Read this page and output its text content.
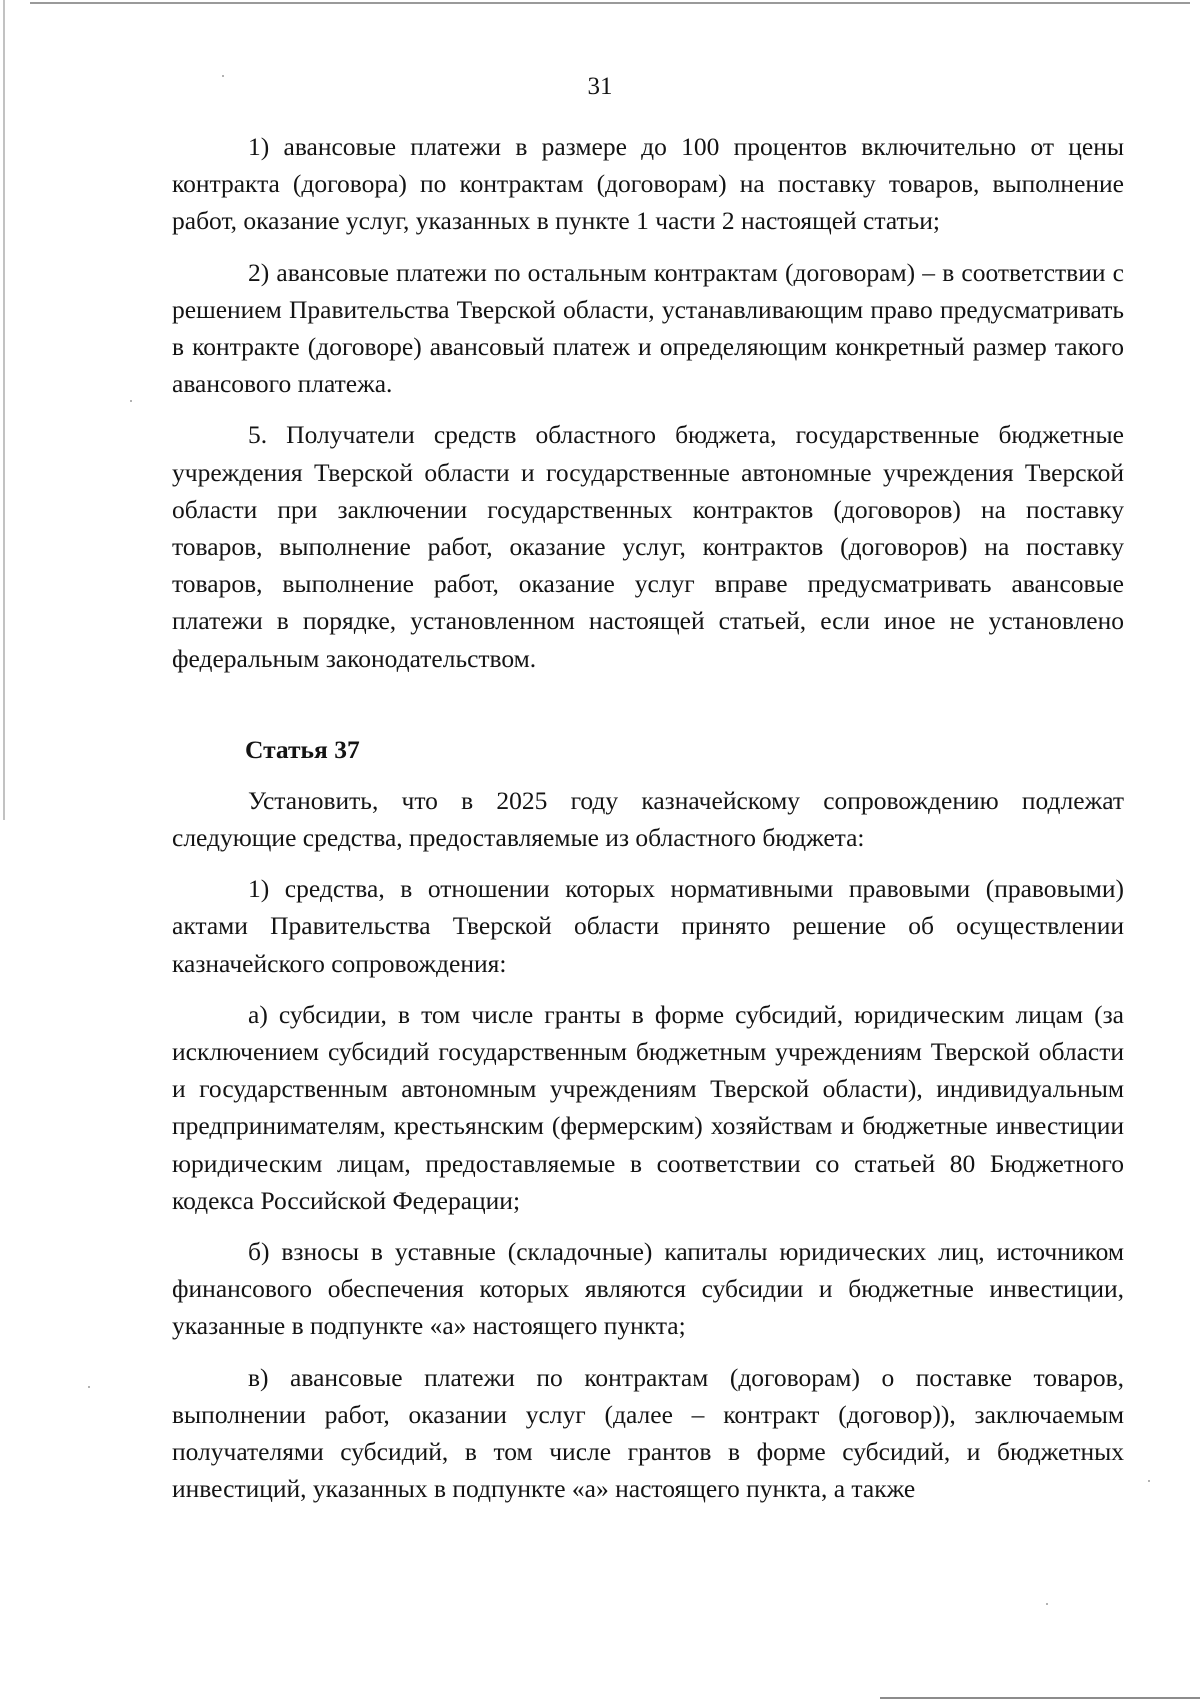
31

1) авансовые платежи в размере до 100 процентов включительно от цены контракта (договора) по контрактам (договорам) на поставку товаров, выполнение работ, оказание услуг, указанных в пункте 1 части 2 настоящей статьи;

2) авансовые платежи по остальным контрактам (договорам) – в соответствии с решением Правительства Тверской области, устанавливающим право предусматривать в контракте (договоре) авансовый платеж и определяющим конкретный размер такого авансового платежа.

5. Получатели средств областного бюджета, государственные бюджетные учреждения Тверской области и государственные автономные учреждения Тверской области при заключении государственных контрактов (договоров) на поставку товаров, выполнение работ, оказание услуг, контрактов (договоров) на поставку товаров, выполнение работ, оказание услуг вправе предусматривать авансовые платежи в порядке, установленном настоящей статьей, если иное не установлено федеральным законодательством.

Статья 37

Установить, что в 2025 году казначейскому сопровождению подлежат следующие средства, предоставляемые из областного бюджета:

1) средства, в отношении которых нормативными правовыми (правовыми) актами Правительства Тверской области принято решение об осуществлении казначейского сопровождения:

а) субсидии, в том числе гранты в форме субсидий, юридическим лицам (за исключением субсидий государственным бюджетным учреждениям Тверской области и государственным автономным учреждениям Тверской области), индивидуальным предпринимателям, крестьянским (фермерским) хозяйствам и бюджетные инвестиции юридическим лицам, предоставляемые в соответствии со статьей 80 Бюджетного кодекса Российской Федерации;

б) взносы в уставные (складочные) капиталы юридических лиц, источником финансового обеспечения которых являются субсидии и бюджетные инвестиции, указанные в подпункте «а» настоящего пункта;

в) авансовые платежи по контрактам (договорам) о поставке товаров, выполнении работ, оказании услуг (далее – контракт (договор)), заключаемым получателями субсидий, в том числе грантов в форме субсидий, и бюджетных инвестиций, указанных в подпункте «а» настоящего пункта, а также
